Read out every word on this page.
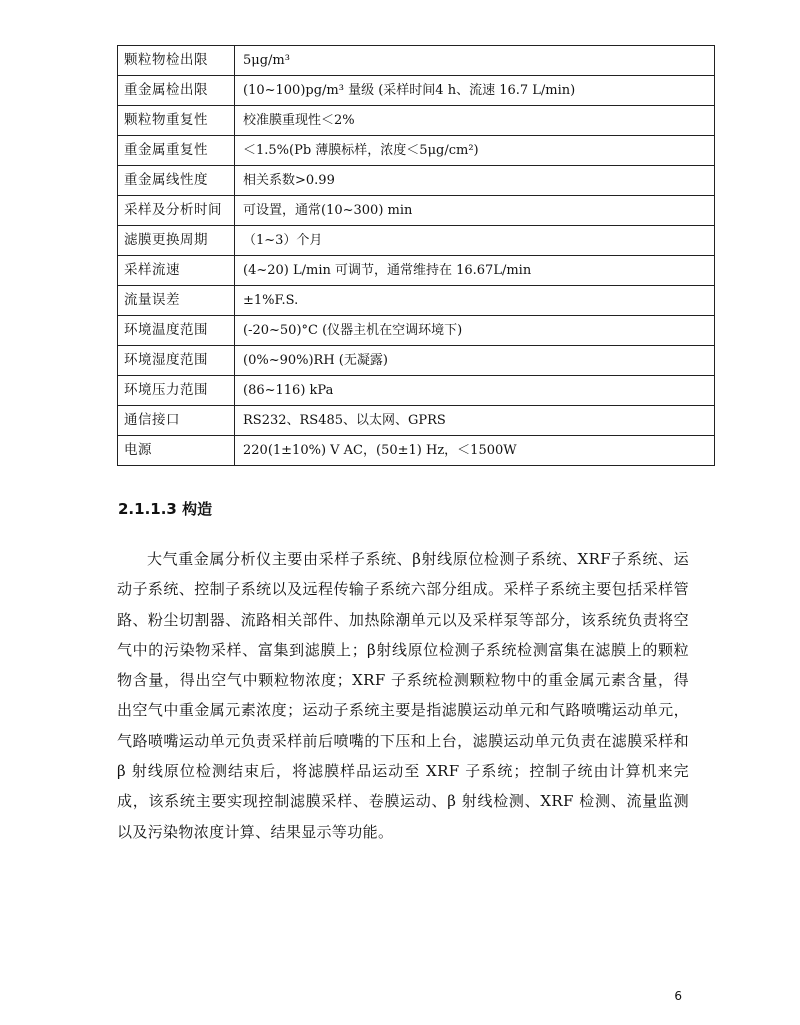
颗粒物检出限	5μg/m³
重金属检出限	(10~100)pg/m³ 量级 (采样时间4 h、流速 16.7 L/min)
颗粒物重复性	校准膜重现性＜2%
重金属重复性	＜1.5%(Pb 薄膜标样，浓度＜5μg/cm²)
重金属线性度	相关系数>0.99
采样及分析时间	可设置，通常(10~300) min
滤膜更换周期	（1~3）个月
采样流速	(4~20) L/min 可调节，通常维持在 16.67L/min
流量误差	±1%F.S.
环境温度范围	(-20~50)°C (仪器主机在空调环境下)
环境湿度范围	(0%~90%)RH (无凝露)
环境压力范围	(86~116) kPa
通信接口	RS232、RS485、以太网、GPRS
电源	220(1±10%) V AC，(50±1) Hz，＜1500W
2.1.1.3 构造

大气重金属分析仪主要由采样子系统、β射线原位检测子系统、XRF子系统、运动子系统、控制子系统以及远程传输子系统六部分组成。采样子系统主要包括采样管路、粉尘切割器、流路相关部件、加热除潮单元以及采样泵等部分，该系统负责将空气中的污染物采样、富集到滤膜上；β射线原位检测子系统检测富集在滤膜上的颗粒物含量，得出空气中颗粒物浓度；XRF 子系统检测颗粒物中的重金属元素含量，得出空气中重金属元素浓度；运动子系统主要是指滤膜运动单元和气路喷嘴运动单元，气路喷嘴运动单元负责采样前后喷嘴的下压和上台，滤膜运动单元负责在滤膜采样和 β 射线原位检测结束后，将滤膜样品运动至 XRF 子系统；控制子统由计算机来完成，该系统主要实现控制滤膜采样、卷膜运动、β 射线检测、XRF 检测、流量监测以及污染物浓度计算、结果显示等功能。

6
